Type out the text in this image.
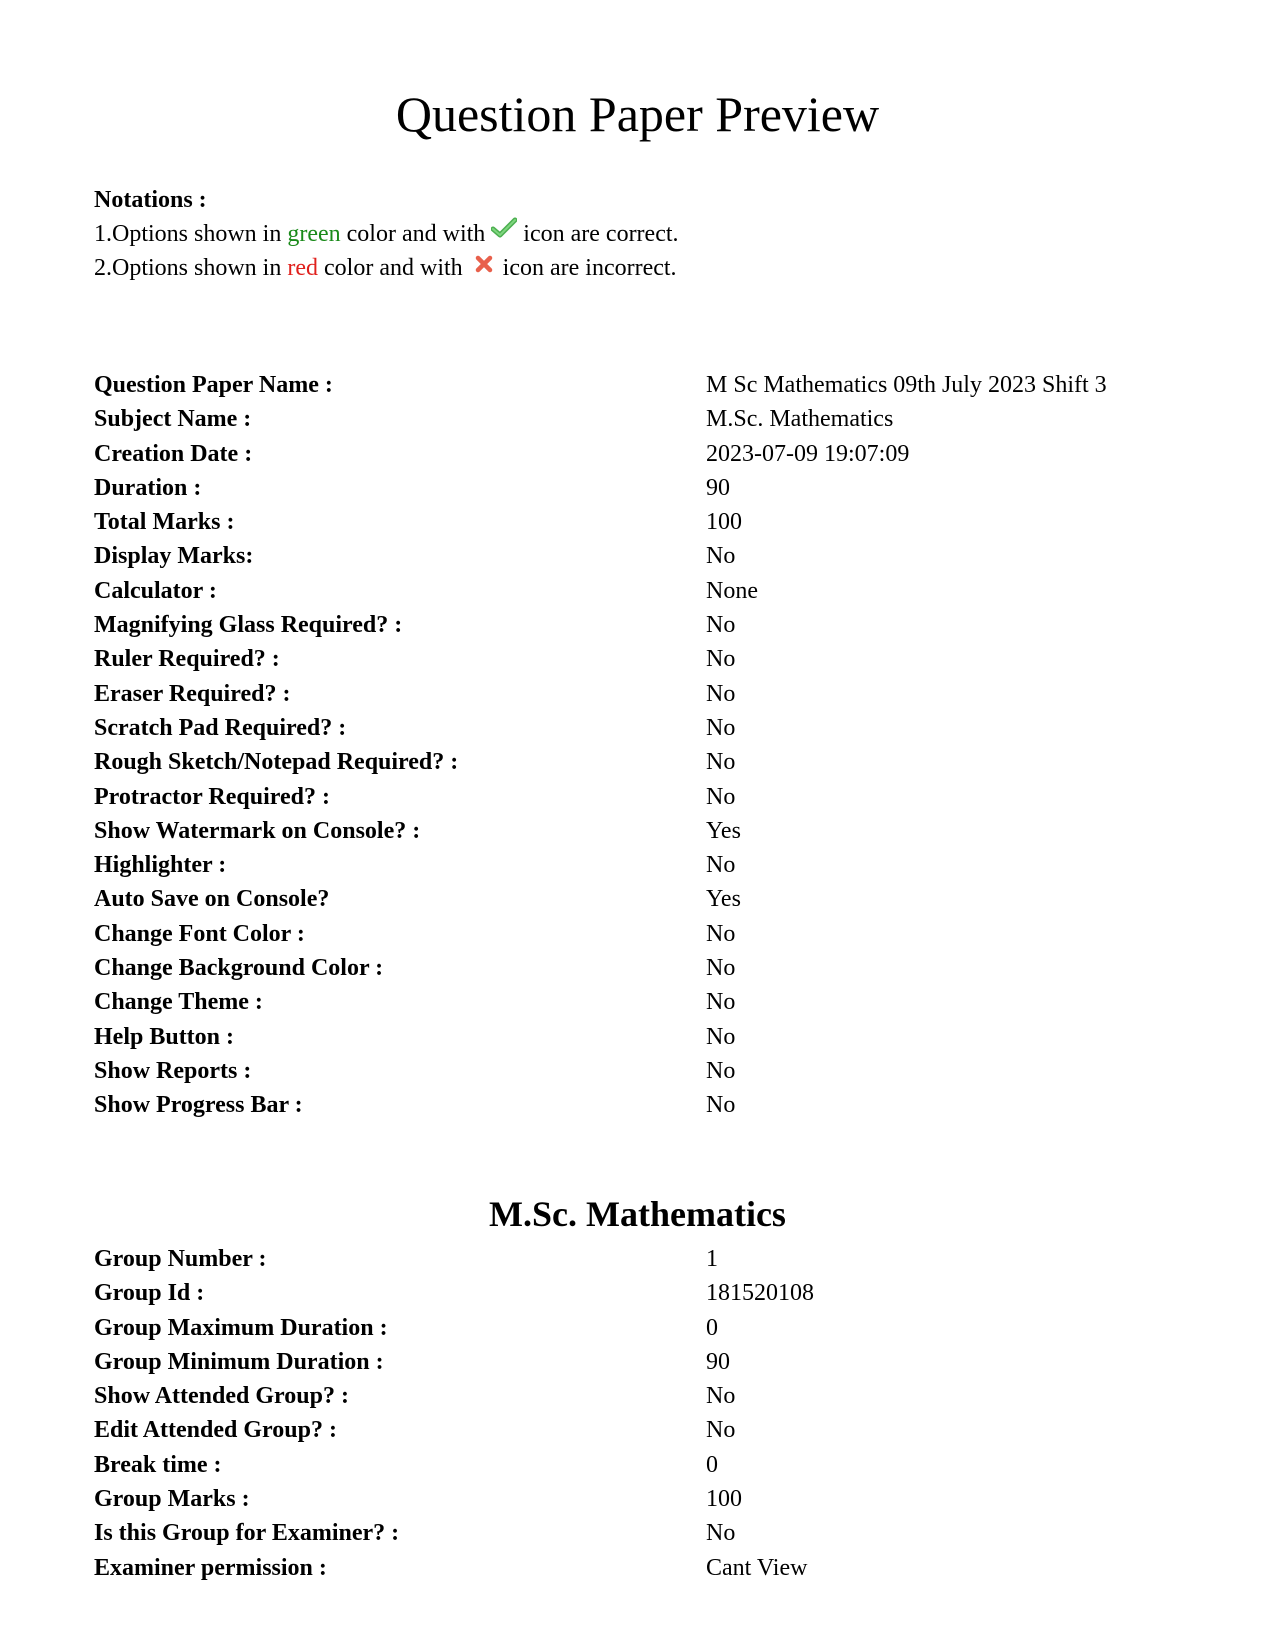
Question Paper Preview
Notations :
1.Options shown in green color and with  icon are correct.
2.Options shown in red color and with  icon are incorrect.
Question Paper Name :	M Sc Mathematics 09th July 2023 Shift 3
Subject Name :	M.Sc. Mathematics
Creation Date :	2023-07-09 19:07:09
Duration :	90
Total Marks :	100
Display Marks:	No
Calculator :	None
Magnifying Glass Required? :	No
Ruler Required? :	No
Eraser Required? :	No
Scratch Pad Required? :	No
Rough Sketch/Notepad Required? :	No
Protractor Required? :	No
Show Watermark on Console? :	Yes
Highlighter :	No
Auto Save on Console?	Yes
Change Font Color :	No
Change Background Color :	No
Change Theme :	No
Help Button :	No
Show Reports :	No
Show Progress Bar :	No
M.Sc. Mathematics
Group Number :	1
Group Id :	181520108
Group Maximum Duration :	0
Group Minimum Duration :	90
Show Attended Group? :	No
Edit Attended Group? :	No
Break time :	0
Group Marks :	100
Is this Group for Examiner? :	No
Examiner permission :	Cant View
